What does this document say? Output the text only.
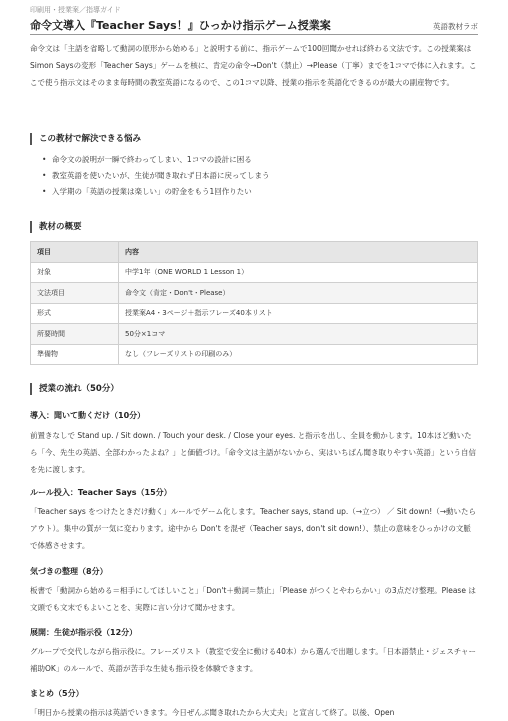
印刷用・授業案／指導ガイド
命令文導入『Teacher Says！』ひっかけ指示ゲーム授業案	英語教材ラボ
命令文は「主語を省略して動詞の原形から始める」と説明する前に、指示ゲームで100回聞かせれば終わる文法です。この授業案はSimon Saysの変形「Teacher Says」ゲームを核に、肯定の命令→Don't（禁止）→Please（丁寧）までを1コマで体に入れます。ここで使う指示文はそのまま毎時間の教室英語になるので、この1コマ以降、授業の指示を英語化できるのが最大の副産物です。
この教材で解決できる悩み
• 命令文の説明が一瞬で終わってしまい、1コマの設計に困る
• 教室英語を使いたいが、生徒が聞き取れず日本語に戻ってしまう
• 入学期の「英語の授業は楽しい」の貯金をもう1回作りたい
教材の概要
項目	内容
対象	中学1年（ONE WORLD 1 Lesson 1）
文法項目	命令文（肯定・Don't・Please）
形式	授業案A4・3ページ＋指示フレーズ40本リスト
所要時間	50分×1コマ
準備物	なし（フレーズリストの印刷のみ）
授業の流れ（50分）
導入：聞いて動くだけ（10分）
前置きなしで Stand up. / Sit down. / Touch your desk. / Close your eyes. と指示を出し、全員を動かします。10本ほど動いたら「今、先生の英語、全部わかったよね？」と価値づけ。「命令文は主語がないから、実はいちばん聞き取りやすい英語」という自信を先に渡します。
ルール投入：Teacher Says（15分）
「Teacher says をつけたときだけ動く」ルールでゲーム化します。Teacher says, stand up.（→立つ） ／ Sit down!（→動いたらアウト）。集中の質が一気に変わります。途中から Don't を混ぜ（Teacher says, don't sit down!）、禁止の意味をひっかけの文脈で体感させます。
気づきの整理（8分）
板書で「動詞から始める＝相手にしてほしいこと」「Don't＋動詞＝禁止」「Please がつくとやわらかい」の3点だけ整理。Please は文頭でも文末でもよいことを、実際に言い分けて聞かせます。
展開：生徒が指示役（12分）
グループで交代しながら指示役に。フレーズリスト（教室で安全に動ける40本）から選んで出題します。「日本語禁止・ジェスチャー補助OK」のルールで、英語が苦手な生徒も指示役を体験できます。
まとめ（5分）
「明日から授業の指示は英語でいきます。今日ぜんぶ聞き取れたから大丈夫」と宣言して終了。以後、Open
